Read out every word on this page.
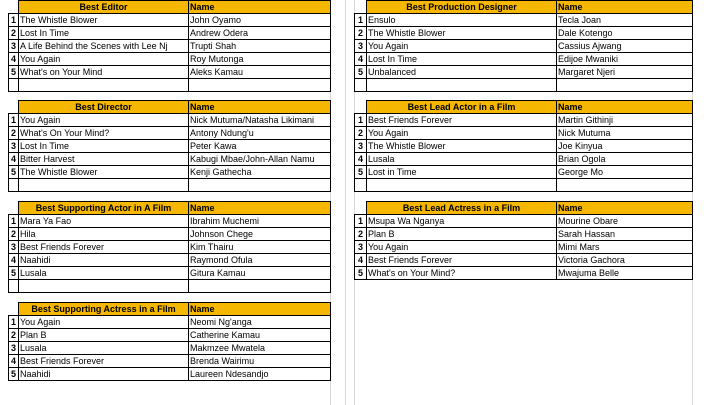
	Best Editor	Name
1	The Whistle Blower	John Oyamo
2	Lost In Time	Andrew Odera
3	A Life Behind the Scenes with Lee Nj	Trupti Shah
4	You Again	Roy Mutonga
5	What's on Your Mind	Aleks Kamau

	Best Director	Name
1	You Again	Nick Mutuma/Natasha Likimani
2	What's On Your Mind?	Antony Ndung'u
3	Lost In Time	Peter Kawa
4	Bitter Harvest	Kabugi Mbae/John-Allan Namu
5	The Whistle Blower	Kenji Gathecha

	Best Supporting Actor in A Film	Name
1	Mara Ya Fao	Ibrahim Muchemi
2	Hila	Johnson Chege
3	Best Friends Forever	Kim Thairu
4	Naahidi	Raymond Ofula
5	Lusala	Gitura Kamau

	Best Supporting Actress in a Film	Name
1	You Again	Neomi Ng'anga
2	Plan B	Catherine Kamau
3	Lusala	Makmzee Mwatela
4	Best Friends Forever	Brenda Wairimu
5	Naahidi	Laureen Ndesandjo
	Best Production Designer	Name
1	Ensulo	Tecla Joan
2	The Whistle Blower	Dale Kotengo
3	You Again	Cassius Ajwang
4	Lost In Time	Edijoe Mwaniki
5	Unbalanced	Margaret Njeri

	Best Lead Actor in a Film	Name
1	Best Friends Forever	Martin Githinji
2	You Again	Nick Mutuma
3	The Whistle Blower	Joe Kinyua
4	Lusala	Brian Ogola
5	Lost in Time	George Mo

	Best Lead Actress in a Film	Name
1	Msupa Wa Nganya	Mourine Obare
2	Plan B	Sarah Hassan
3	You Again	Mimi Mars
4	Best Friends Forever	Victoria Gachora
5	What's on Your Mind?	Mwajuma Belle
